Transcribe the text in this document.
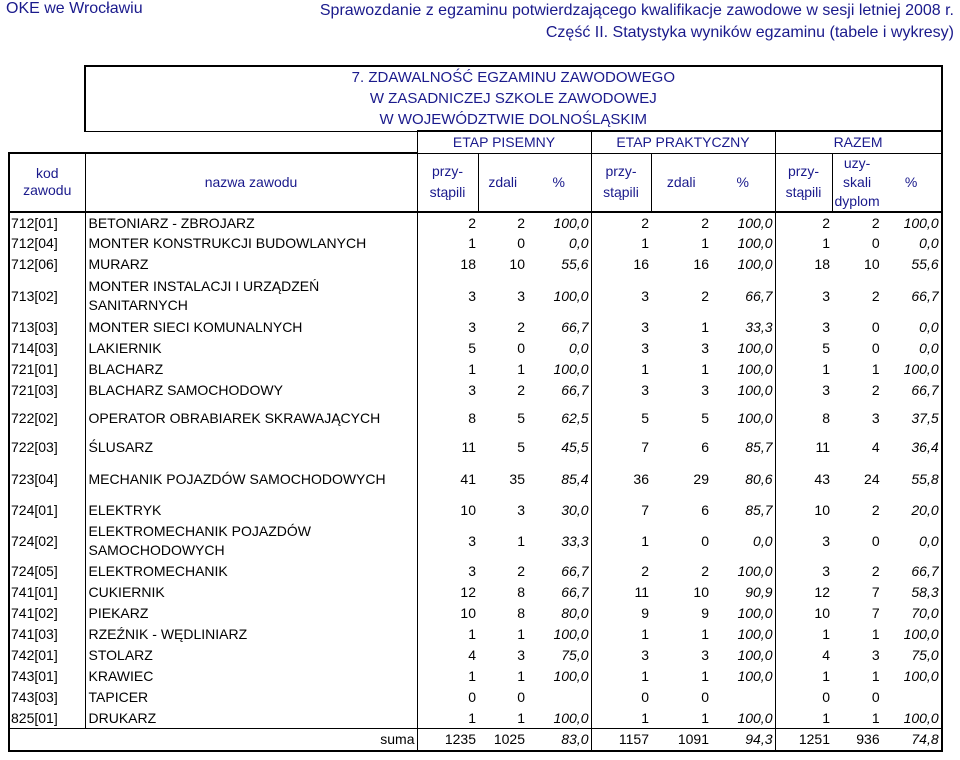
OKE we Wrocławiu	Sprawozdanie z egzaminu potwierdzającego kwalifikacje zawodowe w sesji letniej 2008 r.
Część II. Statystyka wyników egzaminu (tabele i wykresy)
	7. ZDAWALNOŚĆ EGZAMINU ZAWODOWEGO									
	W ZASADNICZEJ SZKOLE ZAWODOWEJ									
	W WOJEWÓDZTWIE DOLNOŚLĄSKIM									
		ETAP PISEMNY			ETAP PRAKTYCZNY			RAZEM		
kod zawodu	nazwa zawodu	przy-stąpili	zdali	%	przy-stąpili	zdali	%	przy-stąpili	uzy-skali dyplom	%
712[01]	BETONIARZ - ZBROJARZ	2	2	100,0	2	2	100,0	2	2	100,0
712[04]	MONTER KONSTRUKCJI BUDOWLANYCH	1	0	0,0	1	1	100,0	1	0	0,0
712[06]	MURARZ	18	10	55,6	16	16	100,0	18	10	55,6
713[02]	MONTER INSTALACJI I URZĄDZEŃ SANITARNYCH	3	3	100,0	3	2	66,7	3	2	66,7
713[03]	MONTER SIECI KOMUNALNYCH	3	2	66,7	3	1	33,3	3	0	0,0
714[03]	LAKIERNIK	5	0	0,0	3	3	100,0	5	0	0,0
721[01]	BLACHARZ	1	1	100,0	1	1	100,0	1	1	100,0
721[03]	BLACHARZ SAMOCHODOWY	3	2	66,7	3	3	100,0	3	2	66,7
722[02]	OPERATOR OBRABIAREK SKRAWAJĄCYCH	8	5	62,5	5	5	100,0	8	3	37,5
722[03]	ŚLUSARZ	11	5	45,5	7	6	85,7	11	4	36,4
723[04]	MECHANIK POJAZDÓW SAMOCHODOWYCH	41	35	85,4	36	29	80,6	43	24	55,8
724[01]	ELEKTRYK	10	3	30,0	7	6	85,7	10	2	20,0
724[02]	ELEKTROMECHANIK POJAZDÓW SAMOCHODOWYCH	3	1	33,3	1	0	0,0	3	0	0,0
724[05]	ELEKTROMECHANIK	3	2	66,7	2	2	100,0	3	2	66,7
741[01]	CUKIERNIK	12	8	66,7	11	10	90,9	12	7	58,3
741[02]	PIEKARZ	10	8	80,0	9	9	100,0	10	7	70,0
741[03]	RZEŹNIK - WĘDLINIARZ	1	1	100,0	1	1	100,0	1	1	100,0
742[01]	STOLARZ	4	3	75,0	3	3	100,0	4	3	75,0
743[01]	KRAWIEC	1	1	100,0	1	1	100,0	1	1	100,0
743[03]	TAPICER	0	0		0	0		0	0	
825[01]	DRUKARZ	1	1	100,0	1	1	100,0	1	1	100,0
	suma	1235	1025	83,0	1157	1091	94,3	1251	936	74,8
